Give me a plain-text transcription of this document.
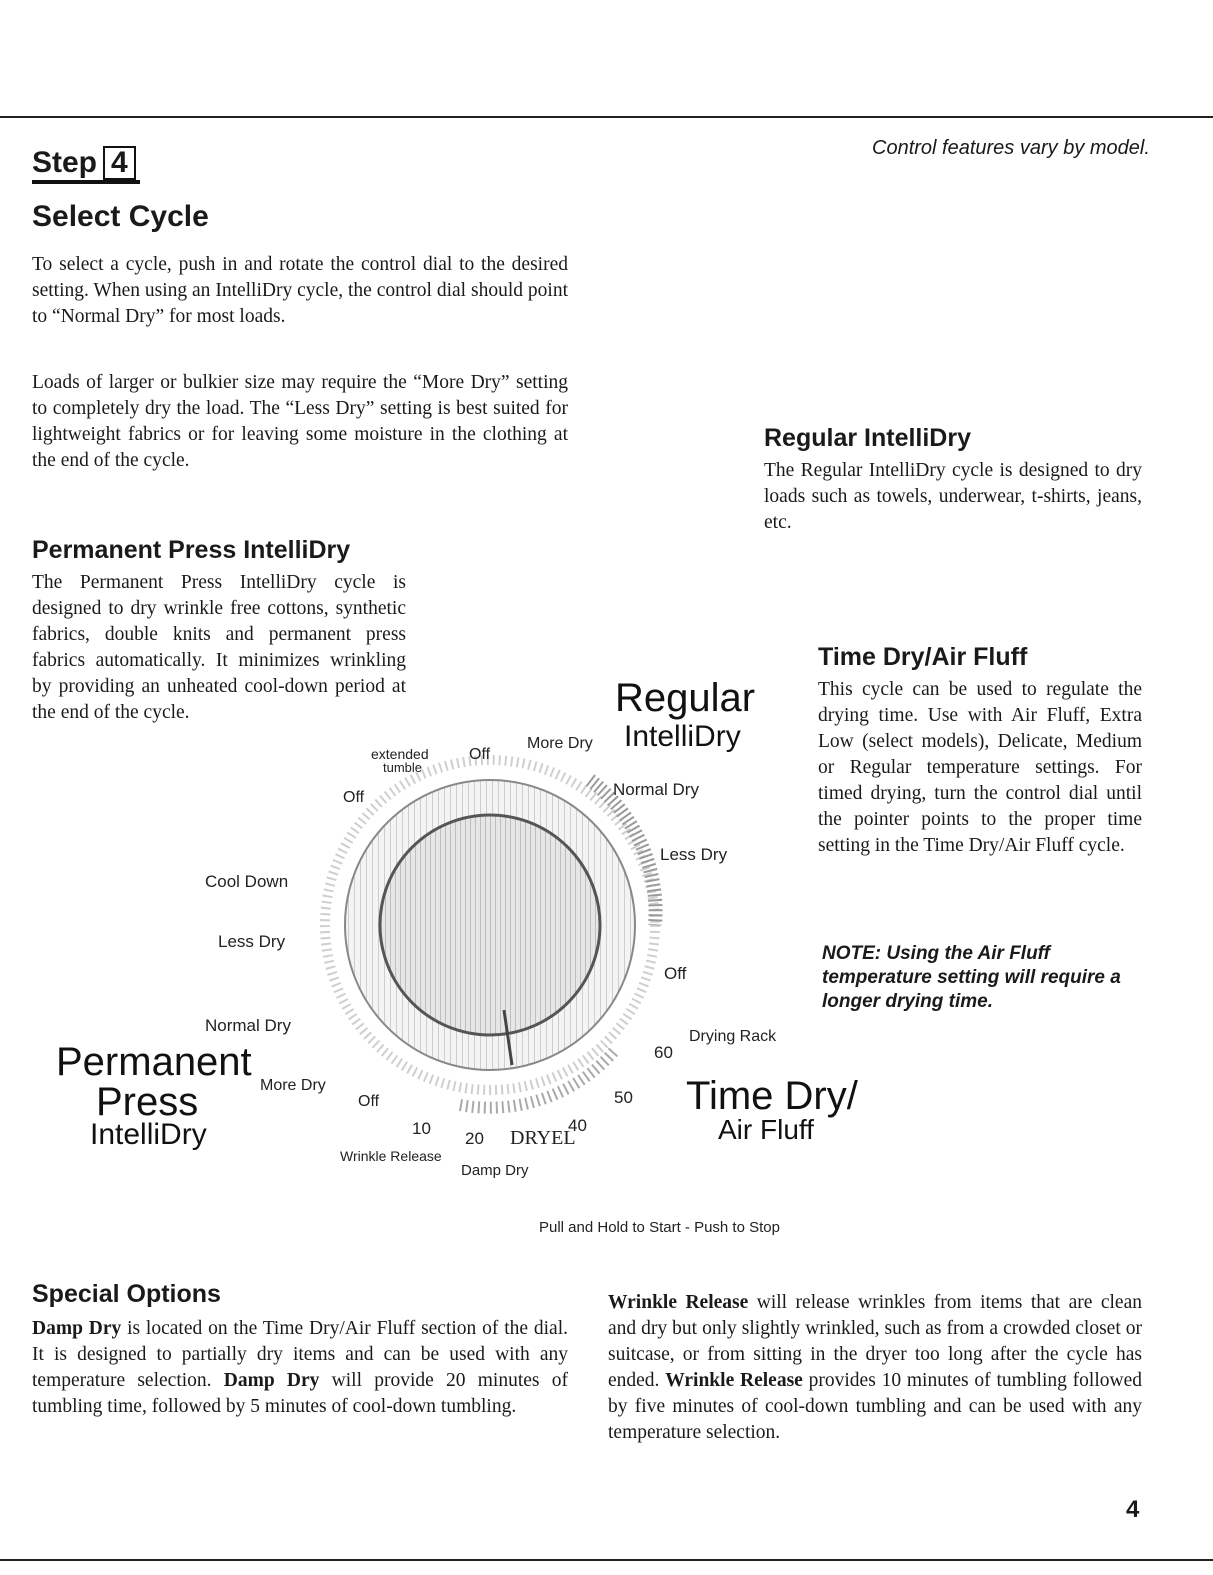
Step 4	Control features vary by model.
Select Cycle
To select a cycle, push in and rotate the control dial to the desired setting. When using an IntelliDry cycle, the control dial should point to “Normal Dry” for most loads.
Loads of larger or bulkier size may require the “More Dry” setting to completely dry the load. The “Less Dry” setting is best suited for lightweight fabrics or for leaving some moisture in the clothing at the end of the cycle.
Permanent Press IntelliDry
The Permanent Press IntelliDry cycle is designed to dry wrinkle free cottons, synthetic fabrics, double knits and permanent press fabrics automatically. It minimizes wrinkling by providing an unheated cool-down period at the end of the cycle.
Regular IntelliDry
The Regular IntelliDry cycle is designed to dry loads such as towels, underwear, t-shirts, jeans, etc.
Time Dry/Air Fluff
This cycle can be used to regulate the drying time. Use with Air Fluff, Extra Low (select models), Delicate, Medium or Regular temperature settings. For timed drying, turn the control dial until the pointer points to the proper time setting in the Time Dry/Air Fluff cycle.
NOTE: Using the Air Fluff temperature setting will require a longer drying time.
Regular
IntelliDry
Permanent
Press
IntelliDry
Time Dry/
Air Fluff
More Dry
Normal Dry
Less Dry
Off
Drying Rack
60
50
40
DRYEL
20
10
Off
Wrinkle Release
Damp Dry
More Dry
Normal Dry
Less Dry
Cool Down
Off
extended
tumble
Off
Pull and Hold to Start - Push to Stop
Special Options
Damp Dry is located on the Time Dry/Air Fluff section of the dial. It is designed to partially dry items and can be used with any temperature selection. Damp Dry will provide 20 minutes of tumbling time, followed by 5 minutes of cool-down tumbling.
Wrinkle Release will release wrinkles from items that are clean and dry but only slightly wrinkled, such as from a crowded closet or suitcase, or from sitting in the dryer too long after the cycle has ended. Wrinkle Release provides 10 minutes of tumbling followed by five minutes of cool-down tumbling and can be used with any temperature selection.
4
